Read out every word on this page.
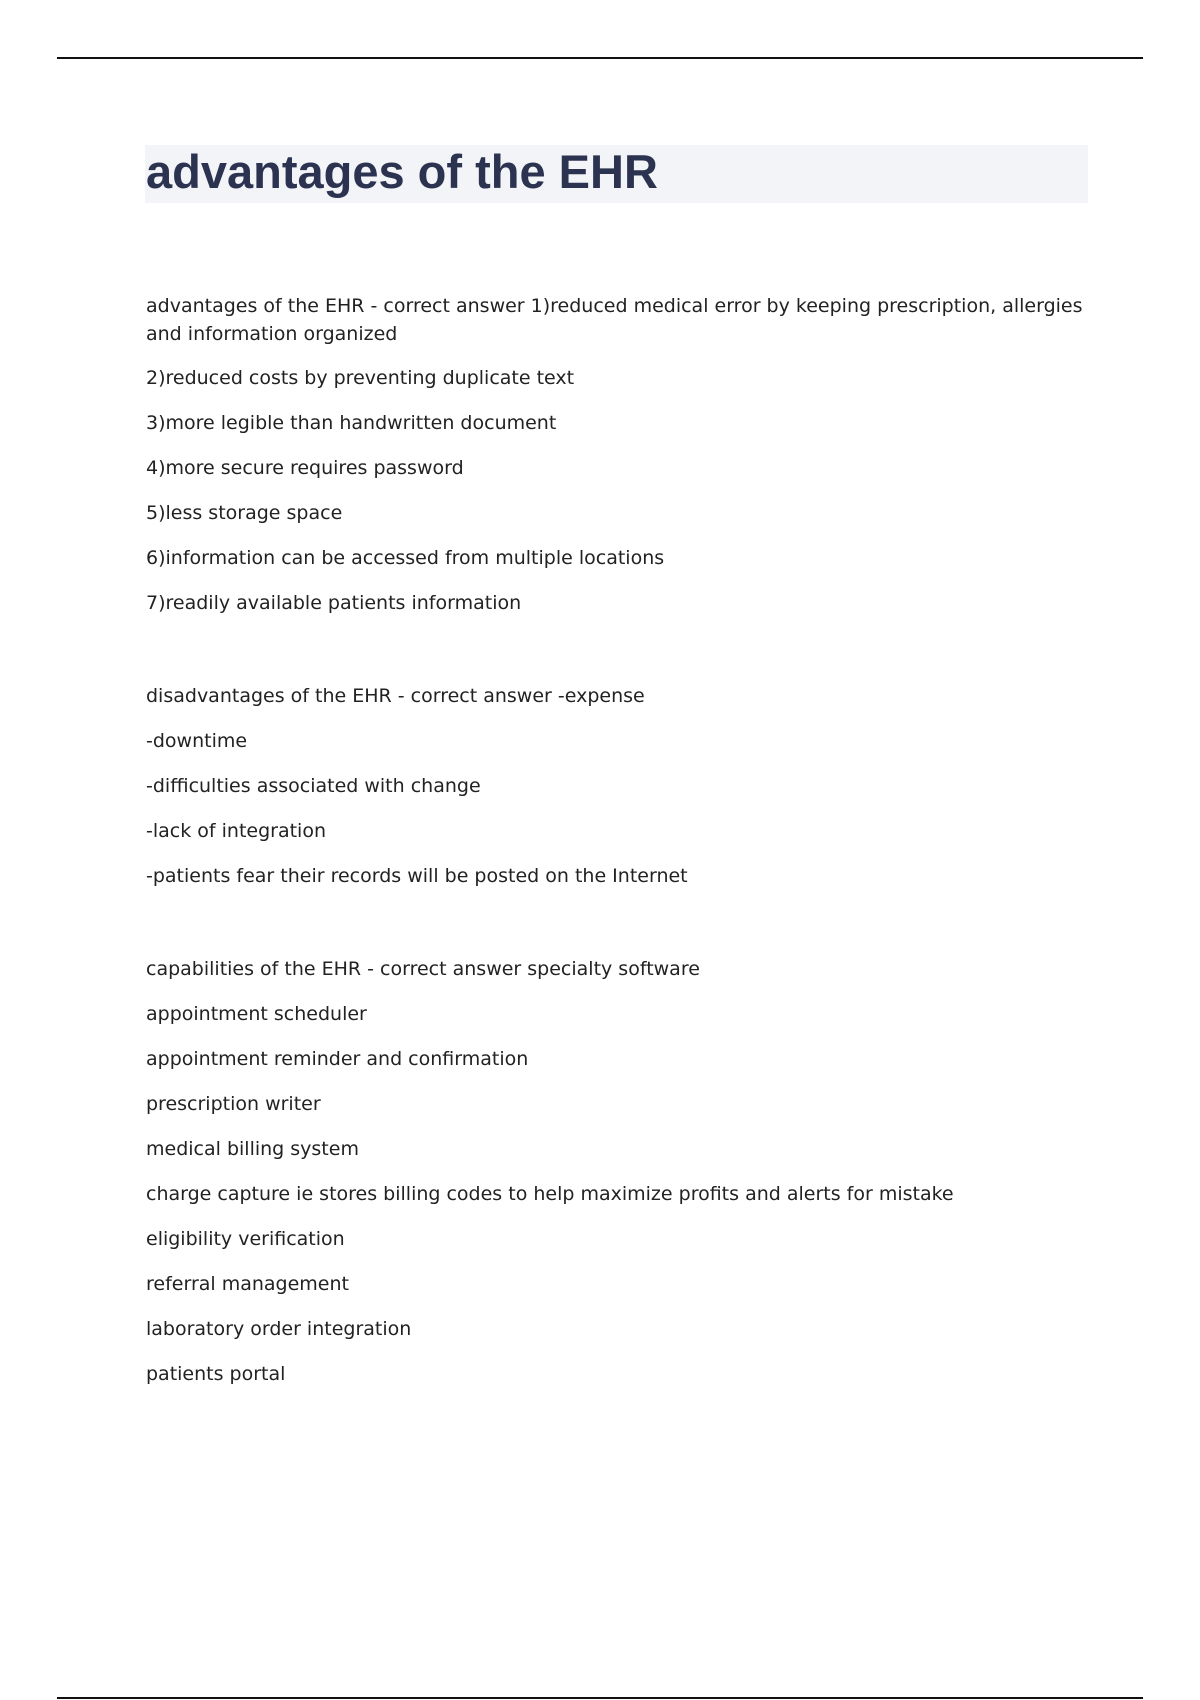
advantages of the EHR

advantages of the EHR - correct answer 1)reduced medical error by keeping prescription, allergies and information organized

2)reduced costs by preventing duplicate text

3)more legible than handwritten document

4)more secure requires password

5)less storage space

6)information can be accessed from multiple locations

7)readily available patients information

disadvantages of the EHR - correct answer -expense

-downtime

-difficulties associated with change

-lack of integration

-patients fear their records will be posted on the Internet

capabilities of the EHR - correct answer specialty software

appointment scheduler

appointment reminder and confirmation

prescription writer

medical billing system

charge capture ie stores billing codes to help maximize profits and alerts for mistake

eligibility verification

referral management

laboratory order integration

patients portal
